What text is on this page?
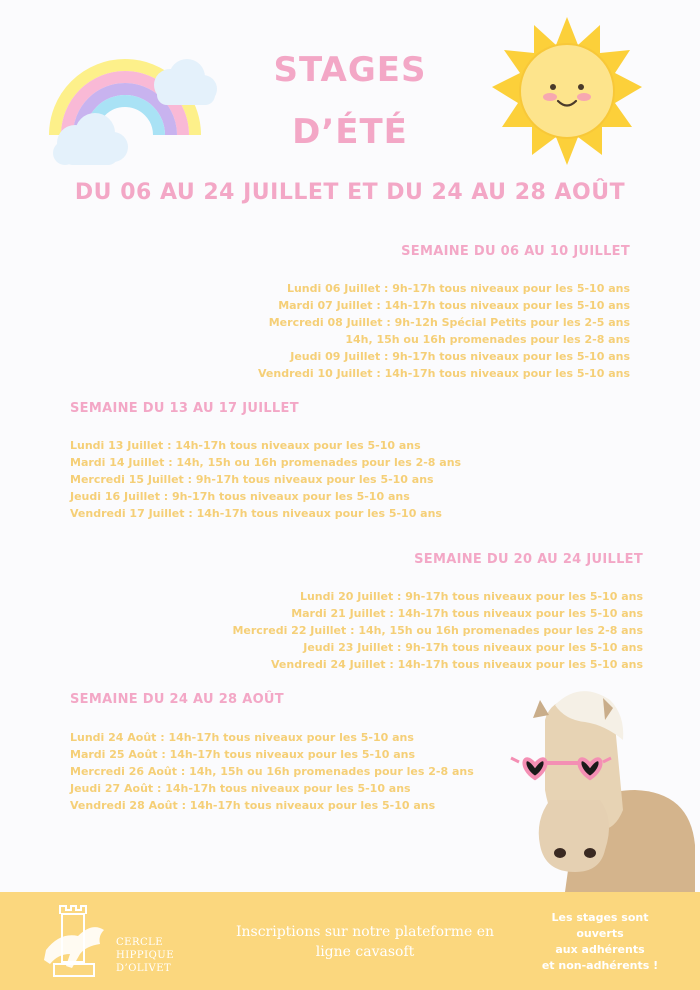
STAGES
D’ÉTÉ
DU 06 AU 24 JUILLET ET DU 24 AU 28 AOÛT
SEMAINE DU 06 AU 10 JUILLET
Lundi 06 Juillet : 9h-17h tous niveaux pour les 5-10 ans
Mardi 07 Juillet : 14h-17h tous niveaux pour les 5-10 ans
Mercredi 08 Juillet : 9h-12h Spécial Petits pour les 2-5 ans
14h, 15h ou 16h promenades pour les 2-8 ans
Jeudi 09 Juillet : 9h-17h tous niveaux pour les 5-10 ans
Vendredi 10 Juillet : 14h-17h tous niveaux pour les 5-10 ans
SEMAINE DU 13 AU 17 JUILLET
Lundi 13 Juillet : 14h-17h tous niveaux pour les 5-10 ans
Mardi 14 Juillet : 14h, 15h ou 16h promenades pour les 2-8 ans
Mercredi 15 Juillet : 9h-17h tous niveaux pour les 5-10 ans
Jeudi 16 Juillet : 9h-17h tous niveaux pour les 5-10 ans
Vendredi 17 Juillet : 14h-17h tous niveaux pour les 5-10 ans
SEMAINE DU 20 AU 24 JUILLET
Lundi 20 Juillet : 9h-17h tous niveaux pour les 5-10 ans
Mardi 21 Juillet : 14h-17h tous niveaux pour les 5-10 ans
Mercredi 22 Juillet : 14h, 15h ou 16h promenades pour les 2-8 ans
Jeudi 23 Juillet : 9h-17h tous niveaux pour les 5-10 ans
Vendredi 24 Juillet : 14h-17h tous niveaux pour les 5-10 ans
SEMAINE DU 24 AU 28 AOÛT
Lundi 24 Août : 14h-17h tous niveaux pour les 5-10 ans
Mardi 25 Août : 14h-17h tous niveaux pour les 5-10 ans
Mercredi 26 Août : 14h, 15h ou 16h promenades pour les 2-8 ans
Jeudi 27 Août : 14h-17h tous niveaux pour les 5-10 ans
Vendredi 28 Août : 14h-17h tous niveaux pour les 5-10 ans
CERCLE
HIPPIQUE
D’OLIVET
Inscriptions sur notre plateforme en
ligne cavasoft
Les stages sont
ouverts
aux adhérents
et non-adhérents !
